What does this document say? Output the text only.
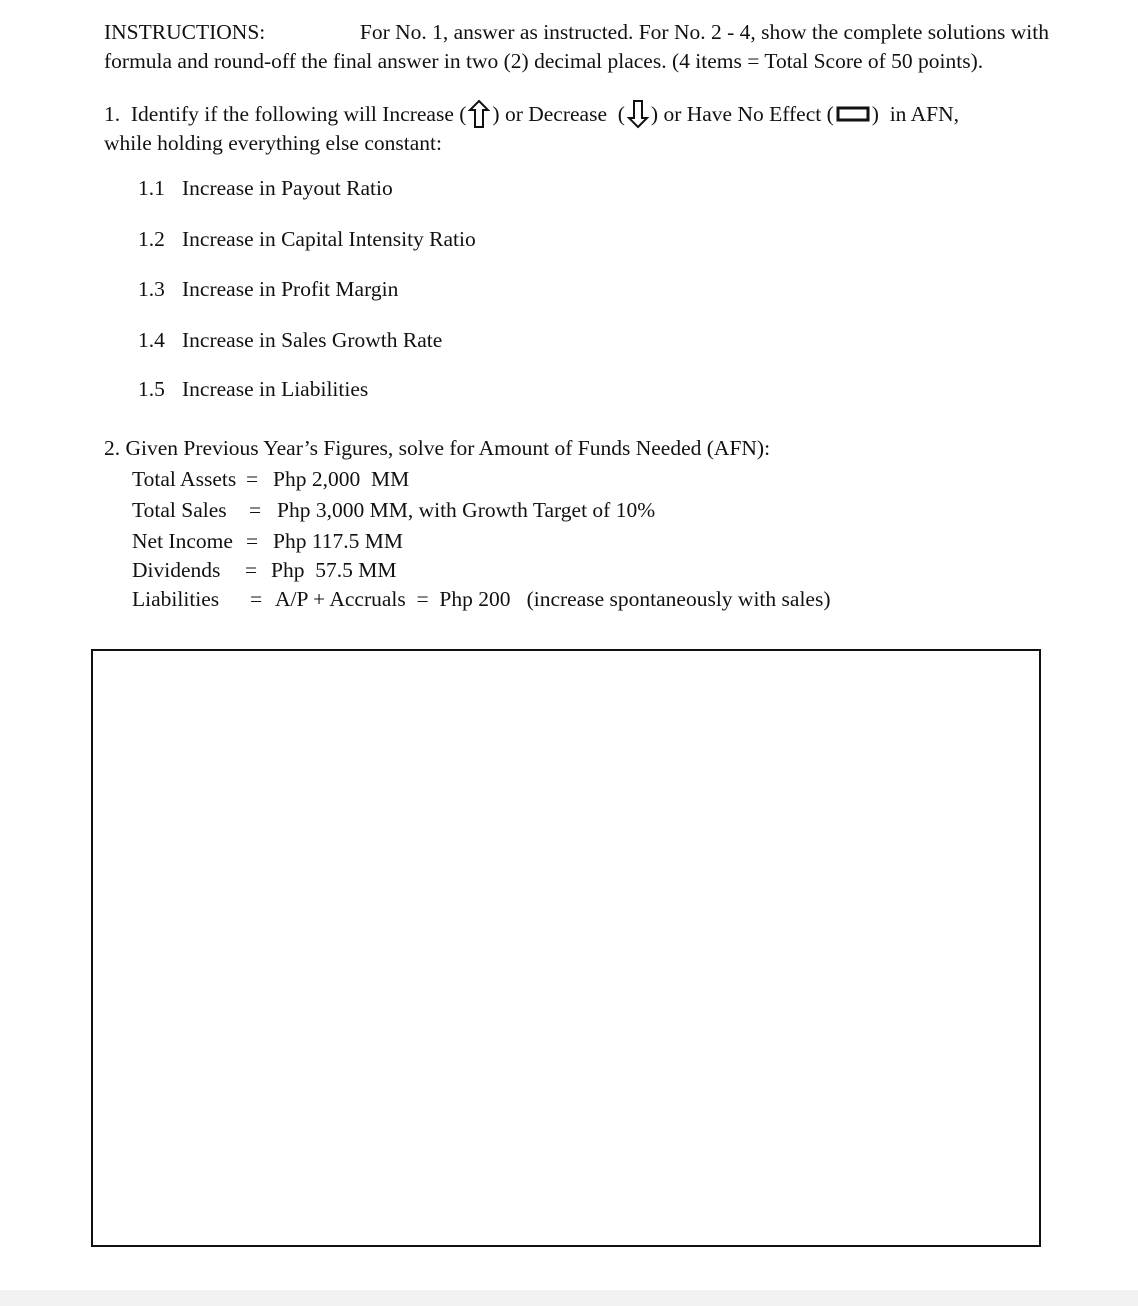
INSTRUCTIONS:	For No. 1, answer as instructed. For No. 2 - 4, show the complete solutions with
formula and round-off the final answer in two (2) decimal places. (4 items = Total Score of 50 points).
1.  Identify if the following will Increase ( ) or Decrease  ( ) or Have No Effect ( )  in AFN,
while holding everything else constant:
1.1 Increase in Payout Ratio
1.2 Increase in Capital Intensity Ratio
1.3 Increase in Profit Margin
1.4 Increase in Sales Growth Rate
1.5 Increase in Liabilities
2. Given Previous Year’s Figures, solve for Amount of Funds Needed (AFN):
Total Assets = Php 2,000  MM
Total Sales = Php 3,000 MM, with Growth Target of 10%
Net Income = Php 117.5 MM
Dividends = Php  57.5 MM
Liabilities = A/P + Accruals  =  Php 200   (increase spontaneously with sales)
